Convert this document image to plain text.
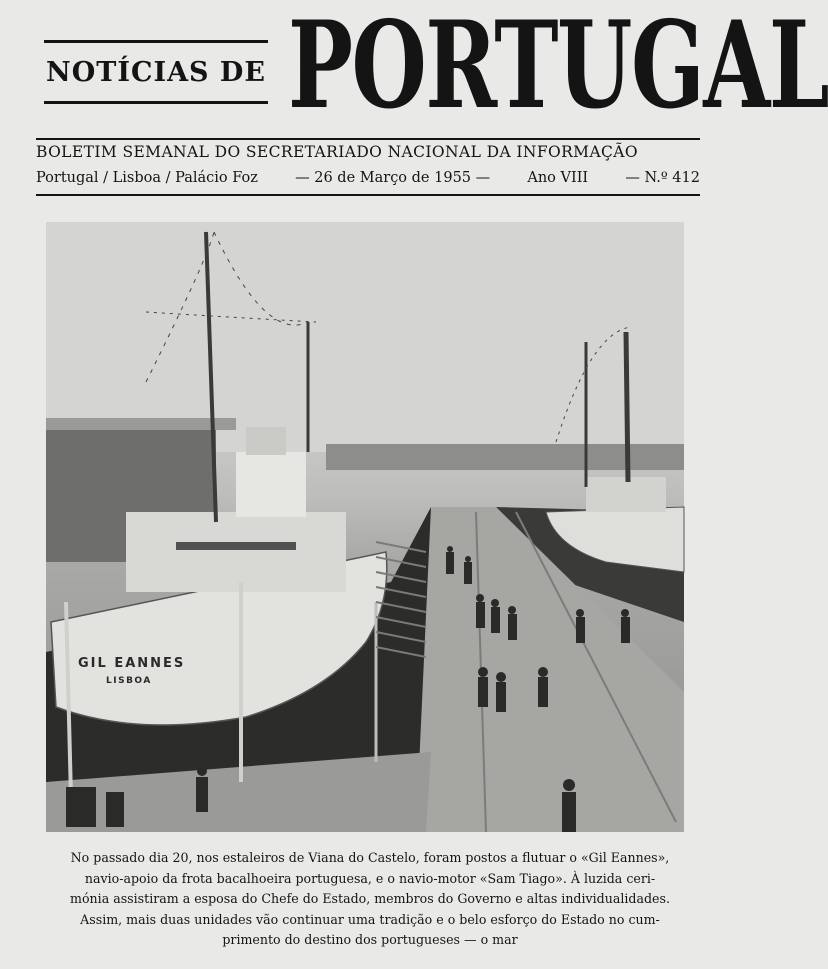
NOTÍCIAS DE PORTUGAL
BOLETIM SEMANAL DO SECRETARIADO NACIONAL DA INFORMAÇÃO
Portugal / Lisboa / Palácio Foz	— 26 de Março de 1955 —	Ano VIII	— N.º 412
GIL EANNES
LISBOA
No passado dia 20, nos estaleiros de Viana do Castelo, foram postos a flutuar o «Gil Eannes»,
navio-apoio da frota bacalhoeira portuguesa, e o navio-motor «Sam Tiago». À luzida ceri-
mónia assistiram a esposa do Chefe do Estado, membros do Governo e altas individualidades.
Assim, mais duas unidades vão continuar uma tradição e o belo esforço do Estado no cum-
primento do destino dos portugueses — o mar
